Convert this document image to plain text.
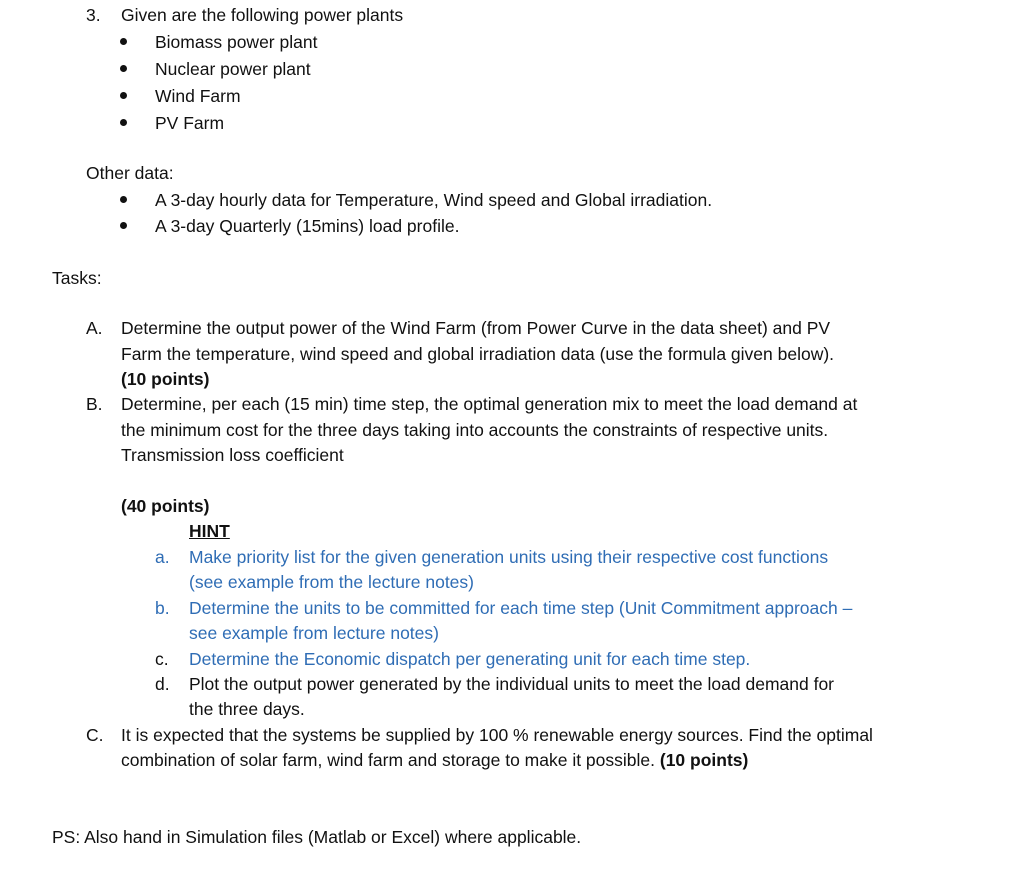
3. Given are the following power plants
Biomass power plant
Nuclear power plant
Wind Farm
PV Farm
Other data:
A 3-day hourly data for Temperature, Wind speed and Global irradiation.
A 3-day Quarterly (15mins) load profile.
Tasks:
A. Determine the output power of the Wind Farm (from Power Curve in the data sheet) and PV
Farm the temperature, wind speed and global irradiation data (use the formula given below).
(10 points)
B. Determine, per each (15 min) time step, the optimal generation mix to meet the load demand at
the minimum cost for the three days taking into accounts the constraints of respective units.
Transmission loss coefficient
(40 points)
HINT
a. Make priority list for the given generation units using their respective cost functions
(see example from the lecture notes)
b. Determine the units to be committed for each time step (Unit Commitment approach –
see example from lecture notes)
c. Determine the Economic dispatch per generating unit for each time step.
d. Plot the output power generated by the individual units to meet the load demand for
the three days.
C. It is expected that the systems be supplied by 100 % renewable energy sources. Find the optimal
combination of solar farm, wind farm and storage to make it possible. (10 points)
PS: Also hand in Simulation files (Matlab or Excel) where applicable.
